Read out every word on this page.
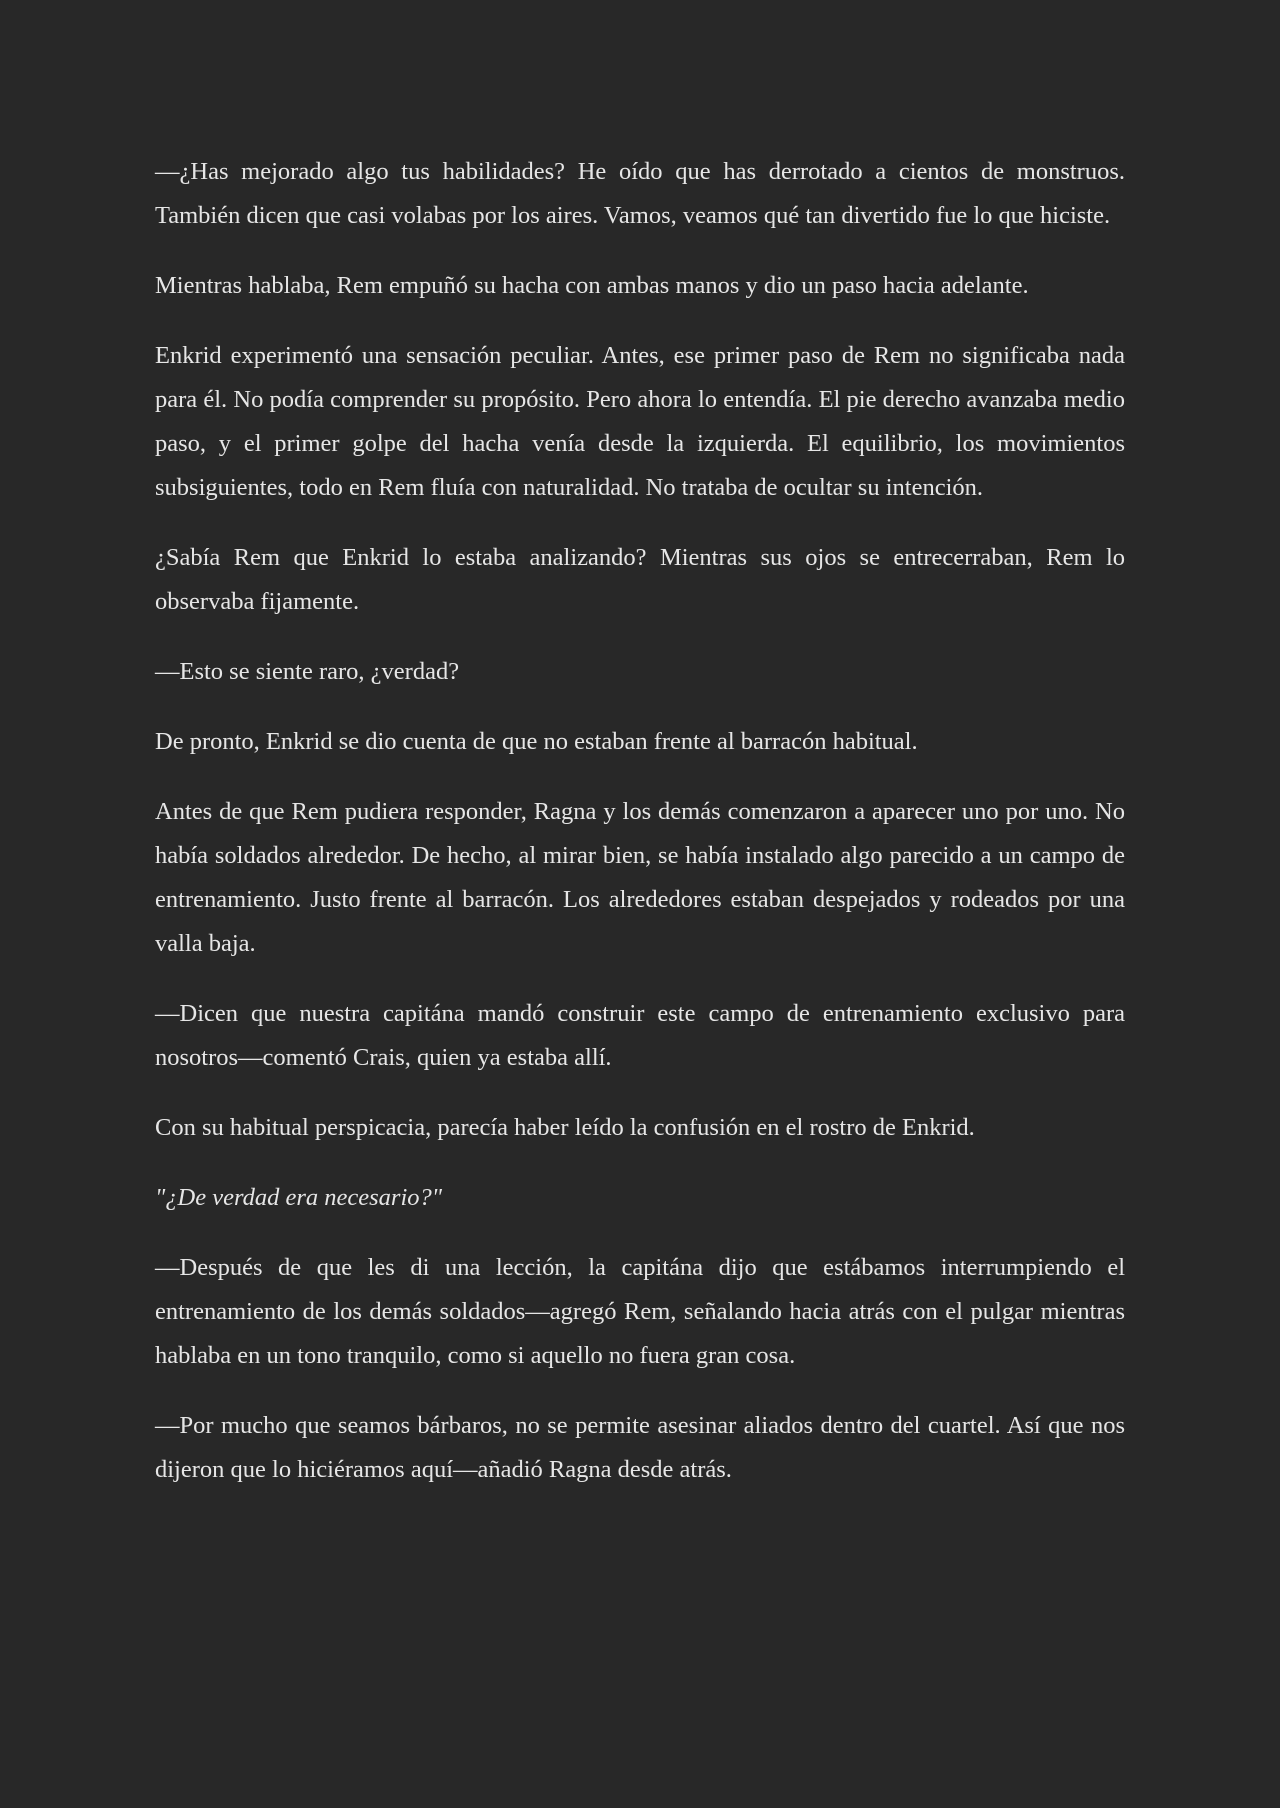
—¿Has mejorado algo tus habilidades? He oído que has derrotado a cientos de monstruos. También dicen que casi volabas por los aires. Vamos, veamos qué tan divertido fue lo que hiciste.

Mientras hablaba, Rem empuñó su hacha con ambas manos y dio un paso hacia adelante.

Enkrid experimentó una sensación peculiar. Antes, ese primer paso de Rem no significaba nada para él. No podía comprender su propósito. Pero ahora lo entendía. El pie derecho avanzaba medio paso, y el primer golpe del hacha venía desde la izquierda. El equilibrio, los movimientos subsiguientes, todo en Rem fluía con naturalidad. No trataba de ocultar su intención.

¿Sabía Rem que Enkrid lo estaba analizando? Mientras sus ojos se entrecerraban, Rem lo observaba fijamente.

—Esto se siente raro, ¿verdad?

De pronto, Enkrid se dio cuenta de que no estaban frente al barracón habitual.

Antes de que Rem pudiera responder, Ragna y los demás comenzaron a aparecer uno por uno. No había soldados alrededor. De hecho, al mirar bien, se había instalado algo parecido a un campo de entrenamiento. Justo frente al barracón. Los alrededores estaban despejados y rodeados por una valla baja.

—Dicen que nuestra capitána mandó construir este campo de entrenamiento exclusivo para nosotros—comentó Crais, quien ya estaba allí.

Con su habitual perspicacia, parecía haber leído la confusión en el rostro de Enkrid.

"¿De verdad era necesario?"

—Después de que les di una lección, la capitána dijo que estábamos interrumpiendo el entrenamiento de los demás soldados—agregó Rem, señalando hacia atrás con el pulgar mientras hablaba en un tono tranquilo, como si aquello no fuera gran cosa.

—Por mucho que seamos bárbaros, no se permite asesinar aliados dentro del cuartel. Así que nos dijeron que lo hiciéramos aquí—añadió Ragna desde atrás.
